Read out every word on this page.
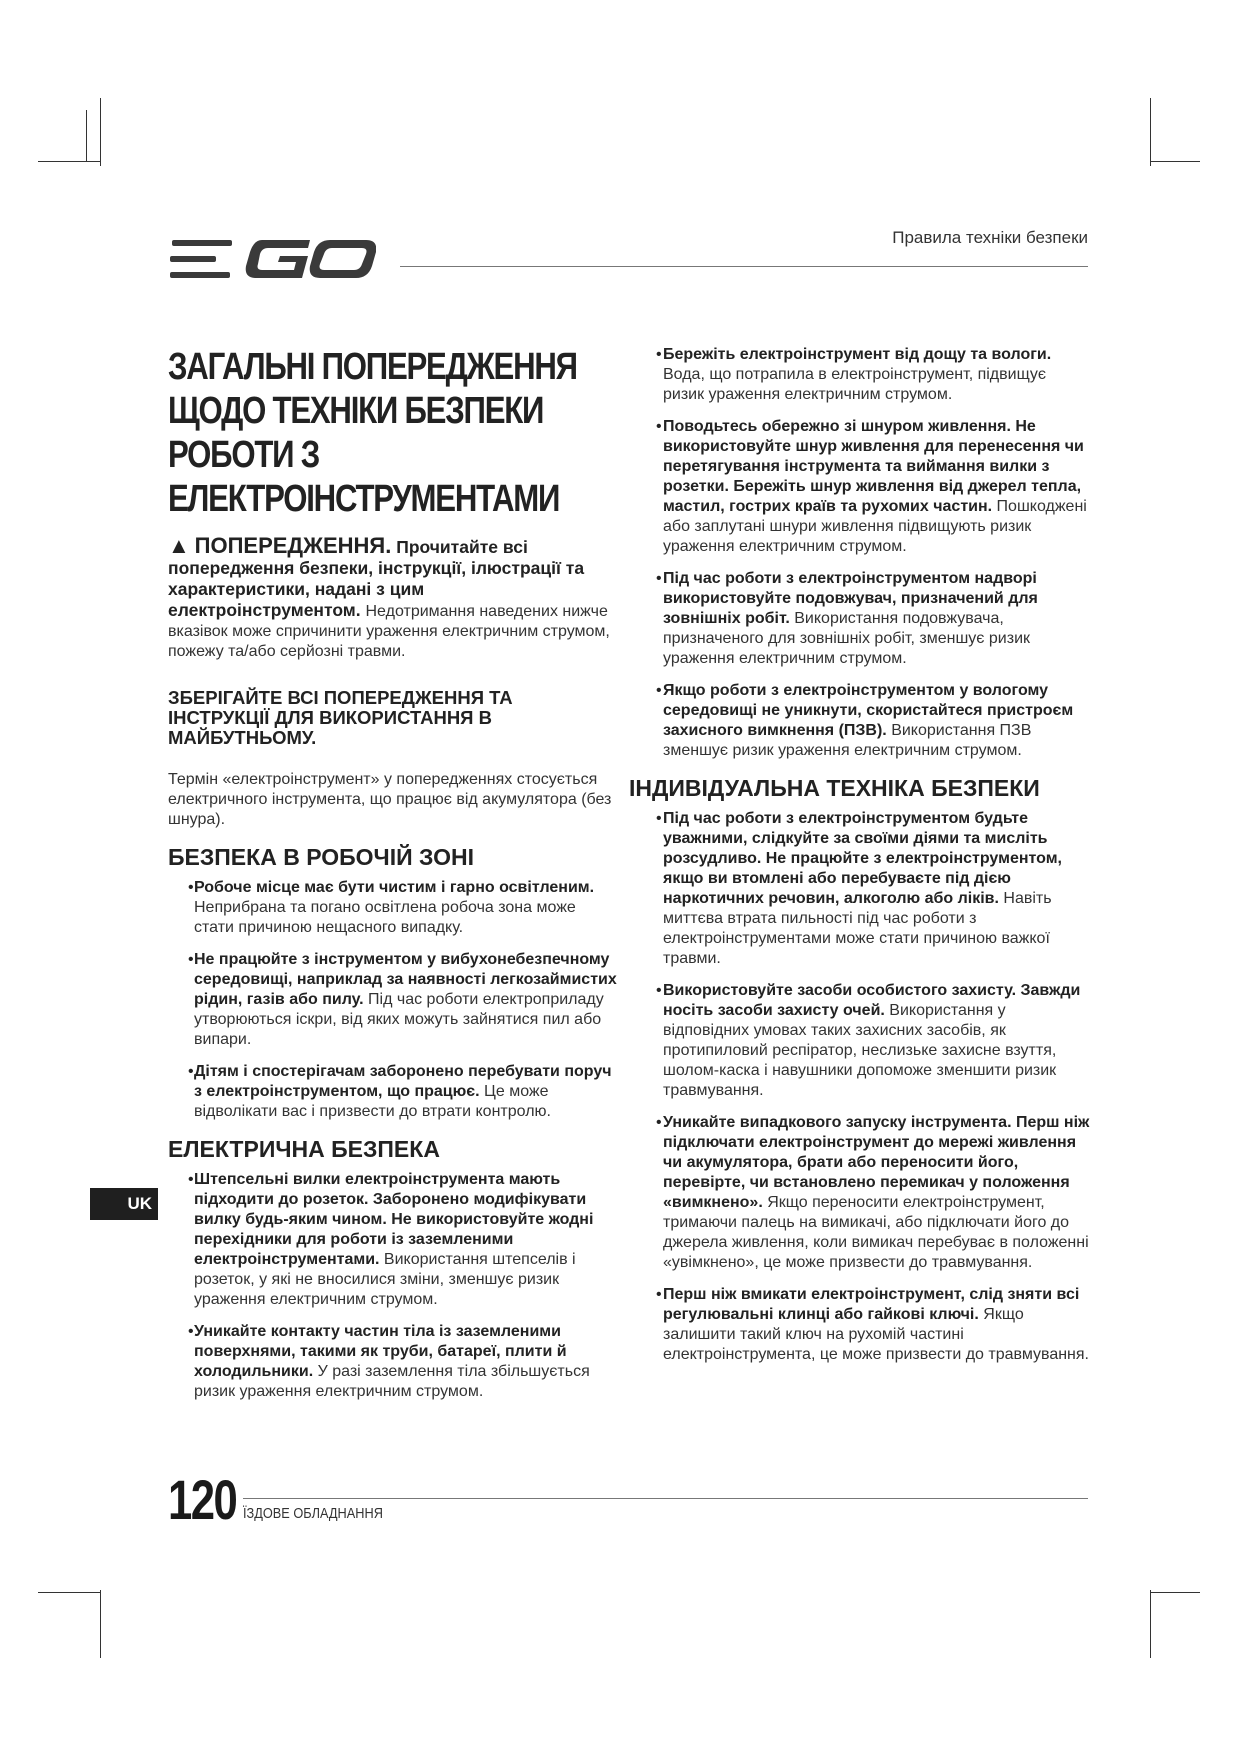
Правила техніки безпеки
ЗАГАЛЬНІ ПОПЕРЕДЖЕННЯ ЩОДО ТЕХНІКИ БЕЗПЕКИ РОБОТИ З ЕЛЕКТРОІНСТРУМЕНТАМИ
▲ ПОПЕРЕДЖЕННЯ. Прочитайте всі попередження безпеки, інструкції, ілюстрації та характеристики, надані з цим електроінструментом. Недотримання наведених нижче вказівок може спричинити ураження електричним струмом, пожежу та/або серйозні травми.
ЗБЕРІГАЙТЕ ВСІ ПОПЕРЕДЖЕННЯ ТА ІНСТРУКЦІЇ ДЛЯ ВИКОРИСТАННЯ В МАЙБУТНЬОМУ.
Термін «електроінструмент» у попередженнях стосується електричного інструмента, що працює від акумулятора (без шнура).
БЕЗПЕКА В РОБОЧІЙ ЗОНІ
• Робоче місце має бути чистим і гарно освітленим. Неприбрана та погано освітлена робоча зона може стати причиною нещасного випадку.
• Не працюйте з інструментом у вибухонебезпечному середовищі, наприклад за наявності легкозаймистих рідин, газів або пилу. Під час роботи електроприладу утворюються іскри, від яких можуть зайнятися пил або випари.
• Дітям і спостерігачам заборонено перебувати поруч з електроінструментом, що працює. Це може відволікати вас і призвести до втрати контролю.
ЕЛЕКТРИЧНА БЕЗПЕКА
• Штепсельні вилки електроінструмента мають підходити до розеток. Заборонено модифікувати вилку будь-яким чином. Не використовуйте жодні перехідники для роботи із заземленими електроінструментами. Використання штепселів і розеток, у які не вносилися зміни, зменшує ризик ураження електричним струмом.
• Уникайте контакту частин тіла із заземленими поверхнями, такими як труби, батареї, плити й холодильники. У разі заземлення тіла збільшується ризик ураження електричним струмом.
• Бережіть електроінструмент від дощу та вологи. Вода, що потрапила в електроінструмент, підвищує ризик ураження електричним струмом.
• Поводьтесь обережно зі шнуром живлення. Не використовуйте шнур живлення для перенесення чи перетягування інструмента та виймання вилки з розетки. Бережіть шнур живлення від джерел тепла, мастил, гострих країв та рухомих частин. Пошкоджені або заплутані шнури живлення підвищують ризик ураження електричним струмом.
• Під час роботи з електроінструментом надворі використовуйте подовжувач, призначений для зовнішніх робіт. Використання подовжувача, призначеного для зовнішніх робіт, зменшує ризик ураження електричним струмом.
• Якщо роботи з електроінструментом у вологому середовищі не уникнути, скористайтеся пристроєм захисного вимкнення (ПЗВ). Використання ПЗВ зменшує ризик ураження електричним струмом.
ІНДИВІДУАЛЬНА ТЕХНІКА БЕЗПЕКИ
• Під час роботи з електроінструментом будьте уважними, слідкуйте за своїми діями та мисліть розсудливо. Не працюйте з електроінструментом, якщо ви втомлені або перебуваєте під дією наркотичних речовин, алкоголю або ліків. Навіть миттєва втрата пильності під час роботи з електроінструментами може стати причиною важкої травми.
• Використовуйте засоби особистого захисту. Завжди носіть засоби захисту очей. Використання у відповідних умовах таких захисних засобів, як протипиловий респіратор, неслизьке захисне взуття, шолом-каска і навушники допоможе зменшити ризик травмування.
• Уникайте випадкового запуску інструмента. Перш ніж підключати електроінструмент до мережі живлення чи акумулятора, брати або переносити його, перевірте, чи встановлено перемикач у положення «вимкнено». Якщо переносити електроінструмент, тримаючи палець на вимикачі, або підключати його до джерела живлення, коли вимикач перебуває в положенні «увімкнено», це може призвести до травмування.
• Перш ніж вмикати електроінструмент, слід зняти всі регулювальні клинці або гайкові ключі. Якщо залишити такий ключ на рухомій частині електроінструмента, це може призвести до травмування.
UK
120 ЇЗДОВЕ ОБЛАДНАННЯ
